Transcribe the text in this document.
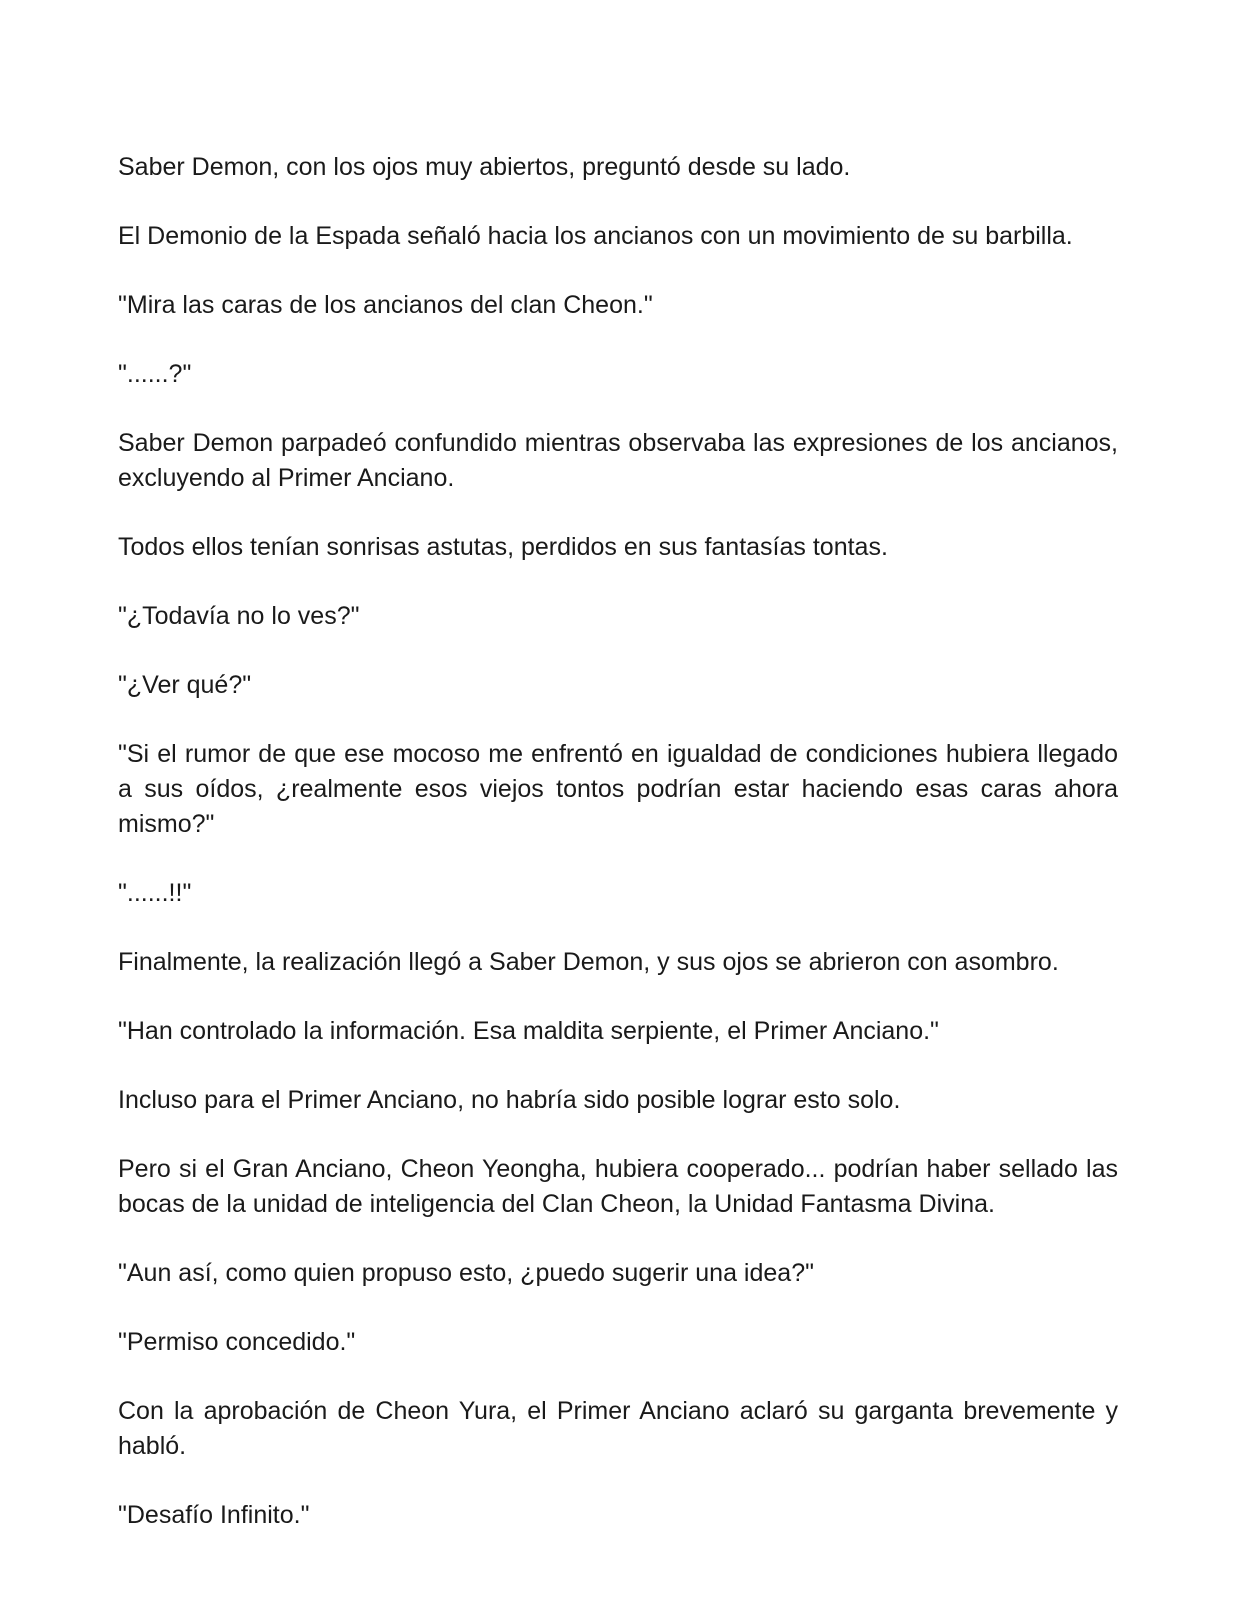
Saber Demon, con los ojos muy abiertos, preguntó desde su lado.

El Demonio de la Espada señaló hacia los ancianos con un movimiento de su barbilla.

"Mira las caras de los ancianos del clan Cheon."

"......?"

Saber Demon parpadeó confundido mientras observaba las expresiones de los ancianos, excluyendo al Primer Anciano.

Todos ellos tenían sonrisas astutas, perdidos en sus fantasías tontas.

"¿Todavía no lo ves?"

"¿Ver qué?"

"Si el rumor de que ese mocoso me enfrentó en igualdad de condiciones hubiera llegado a sus oídos, ¿realmente esos viejos tontos podrían estar haciendo esas caras ahora mismo?"

"......!!"

Finalmente, la realización llegó a Saber Demon, y sus ojos se abrieron con asombro.

"Han controlado la información. Esa maldita serpiente, el Primer Anciano."

Incluso para el Primer Anciano, no habría sido posible lograr esto solo.

Pero si el Gran Anciano, Cheon Yeongha, hubiera cooperado... podrían haber sellado las bocas de la unidad de inteligencia del Clan Cheon, la Unidad Fantasma Divina.

"Aun así, como quien propuso esto, ¿puedo sugerir una idea?"

"Permiso concedido."

Con la aprobación de Cheon Yura, el Primer Anciano aclaró su garganta brevemente y habló.

"Desafío Infinito."
